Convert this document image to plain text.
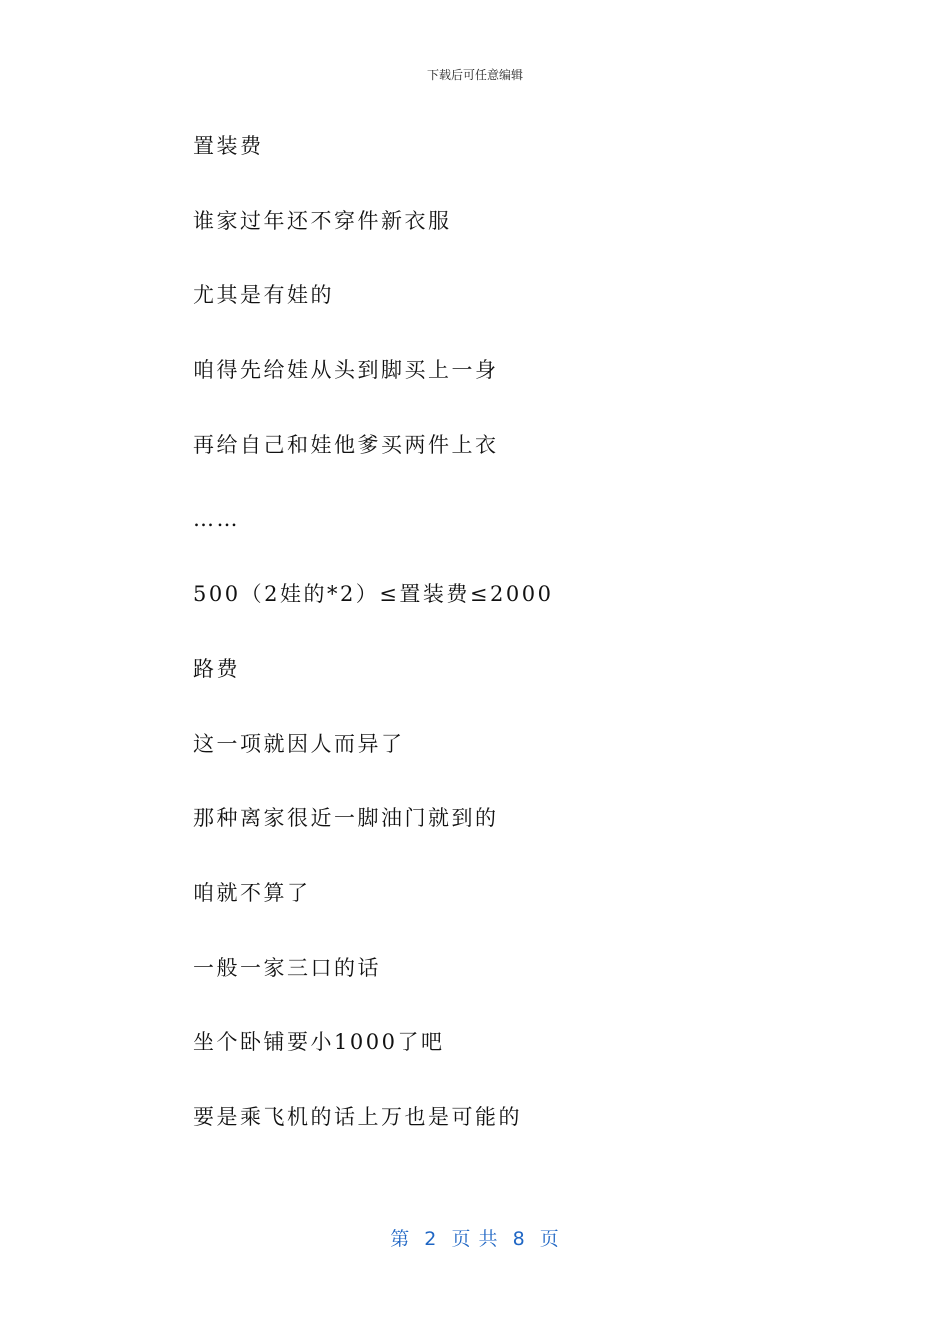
下载后可任意编辑
置装费
谁家过年还不穿件新衣服
尤其是有娃的
咱得先给娃从头到脚买上一身
再给自己和娃他爹买两件上衣
……
500（2娃的*2）≤置装费≤2000
路费
这一项就因人而异了
那种离家很近一脚油门就到的
咱就不算了
一般一家三口的话
坐个卧铺要小1000了吧
要是乘飞机的话上万也是可能的
第  2  页 共  8  页
